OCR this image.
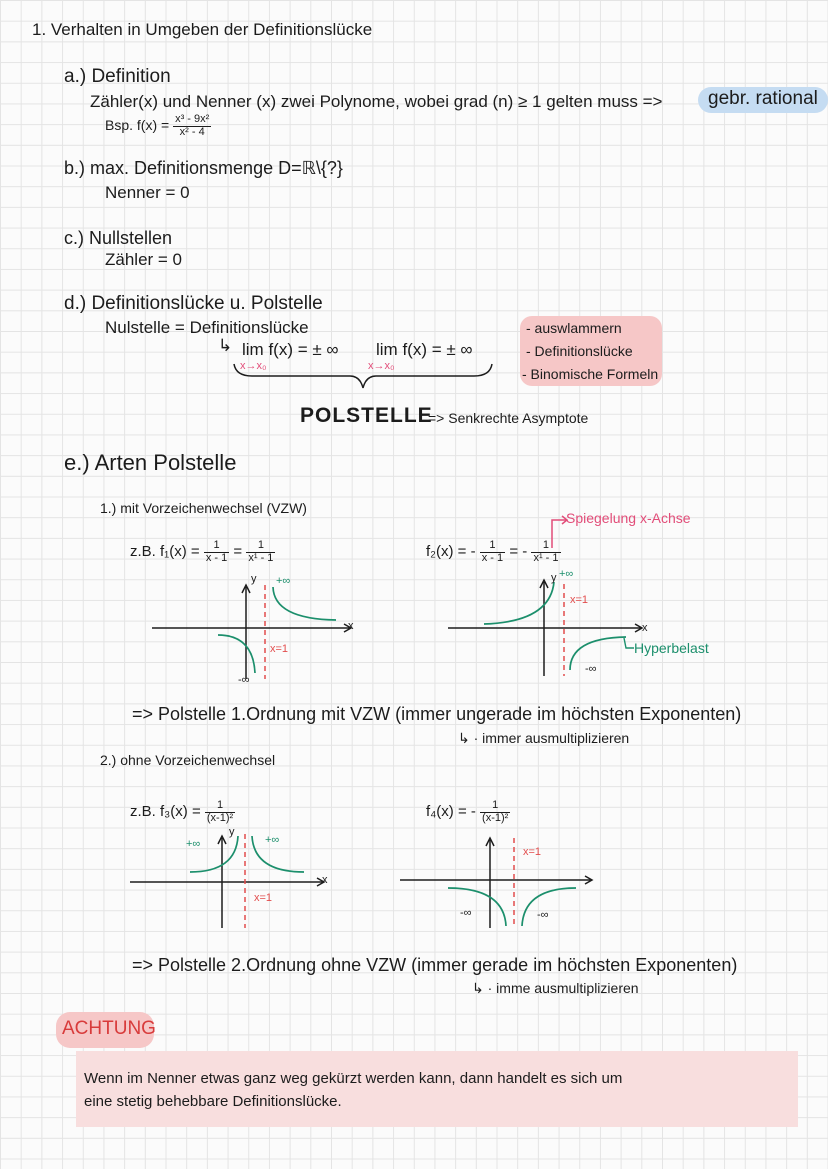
1. Verhalten in Umgeben der Definitionslücke
a.) Definition
Zähler(x) und Nenner (x) zwei Polynome, wobei grad (n) ≥ 1 gelten muss =>	gebr. rational
Bsp. $f(x) = \frac{\text{x³ - 9x²}}{\text{x² - 4}}$
b.) max. Definitionsmenge D=ℝ\{?}
Nenner = 0
c.) Nullstellen
Zähler = 0
d.) Definitionslücke u. Polstelle
Nulstelle = Definitionslücke
↳ lim f(x) = ± ∞
x→x₀
lim f(x) = ± ∞
x→x₀
- auswlammern
- Definitionslücke
- Binomische Formeln
POLSTELLE
=> Senkrechte Asymptote
e.) Arten Polstelle
1.) mit Vorzeichenwechsel (VZW)
z.B. $f_1(x) = \frac{1}{x - 1} = \frac{1}{\text{x¹ - 1}}$	f₂(x) = - $\frac{1}{x - 1}$ = - $\frac{1}{\text{x¹ - 1}}$
Spiegelung x-Achse
y
x
+∞
-∞
x=1
y +∞
x=1
x
Hyperbelast
-∞
=> Polstelle 1.Ordnung mit VZW (immer ungerade im höchsten Exponenten)
↳ · immer ausmultiplizieren
2.) ohne Vorzeichenwechsel
z.B. $f_3(x) = \frac{1}{\text{(x-1)²}}$	f₄(x) = - $\frac{1}{\text{(x-1)²}}$
+∞
y
+∞
x
x=1
x=1
-∞	-∞
=> Polstelle 2.Ordnung ohne VZW (immer gerade im höchsten Exponenten)
↳ · imme ausmultiplizieren
ACHTUNG
Wenn im Nenner etwas ganz weg gekürzt werden kann, dann handelt es sich um
eine stetig behebbare Definitionslücke.
